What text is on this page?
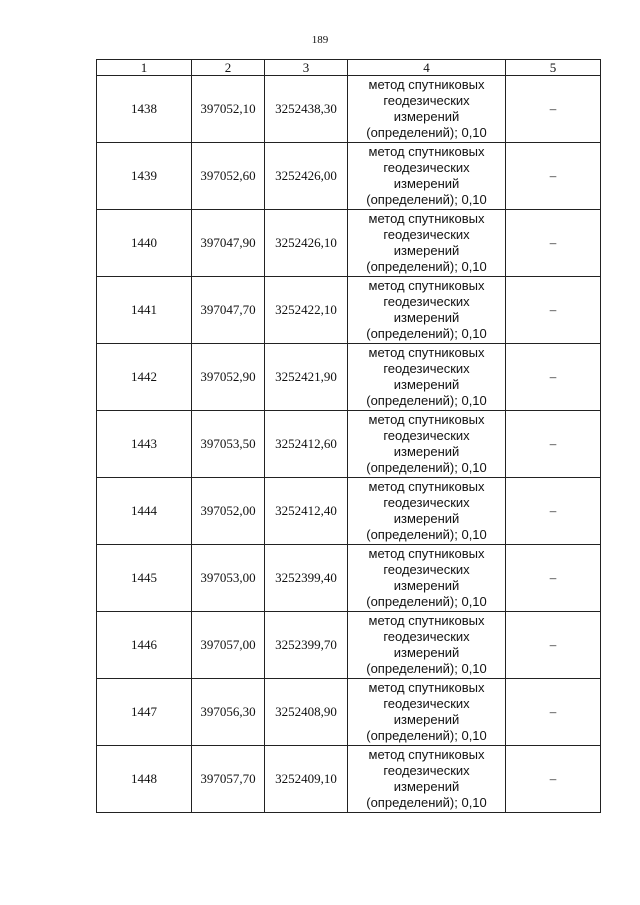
189
1	2	3	4	5
1438	397052,10	3252438,30	метод спутниковых
геодезических
измерений
(определений); 0,10	–
1439	397052,60	3252426,00	метод спутниковых
геодезических
измерений
(определений); 0,10	–
1440	397047,90	3252426,10	метод спутниковых
геодезических
измерений
(определений); 0,10	–
1441	397047,70	3252422,10	метод спутниковых
геодезических
измерений
(определений); 0,10	–
1442	397052,90	3252421,90	метод спутниковых
геодезических
измерений
(определений); 0,10	–
1443	397053,50	3252412,60	метод спутниковых
геодезических
измерений
(определений); 0,10	–
1444	397052,00	3252412,40	метод спутниковых
геодезических
измерений
(определений); 0,10	–
1445	397053,00	3252399,40	метод спутниковых
геодезических
измерений
(определений); 0,10	–
1446	397057,00	3252399,70	метод спутниковых
геодезических
измерений
(определений); 0,10	–
1447	397056,30	3252408,90	метод спутниковых
геодезических
измерений
(определений); 0,10	–
1448	397057,70	3252409,10	метод спутниковых
геодезических
измерений
(определений); 0,10	–
